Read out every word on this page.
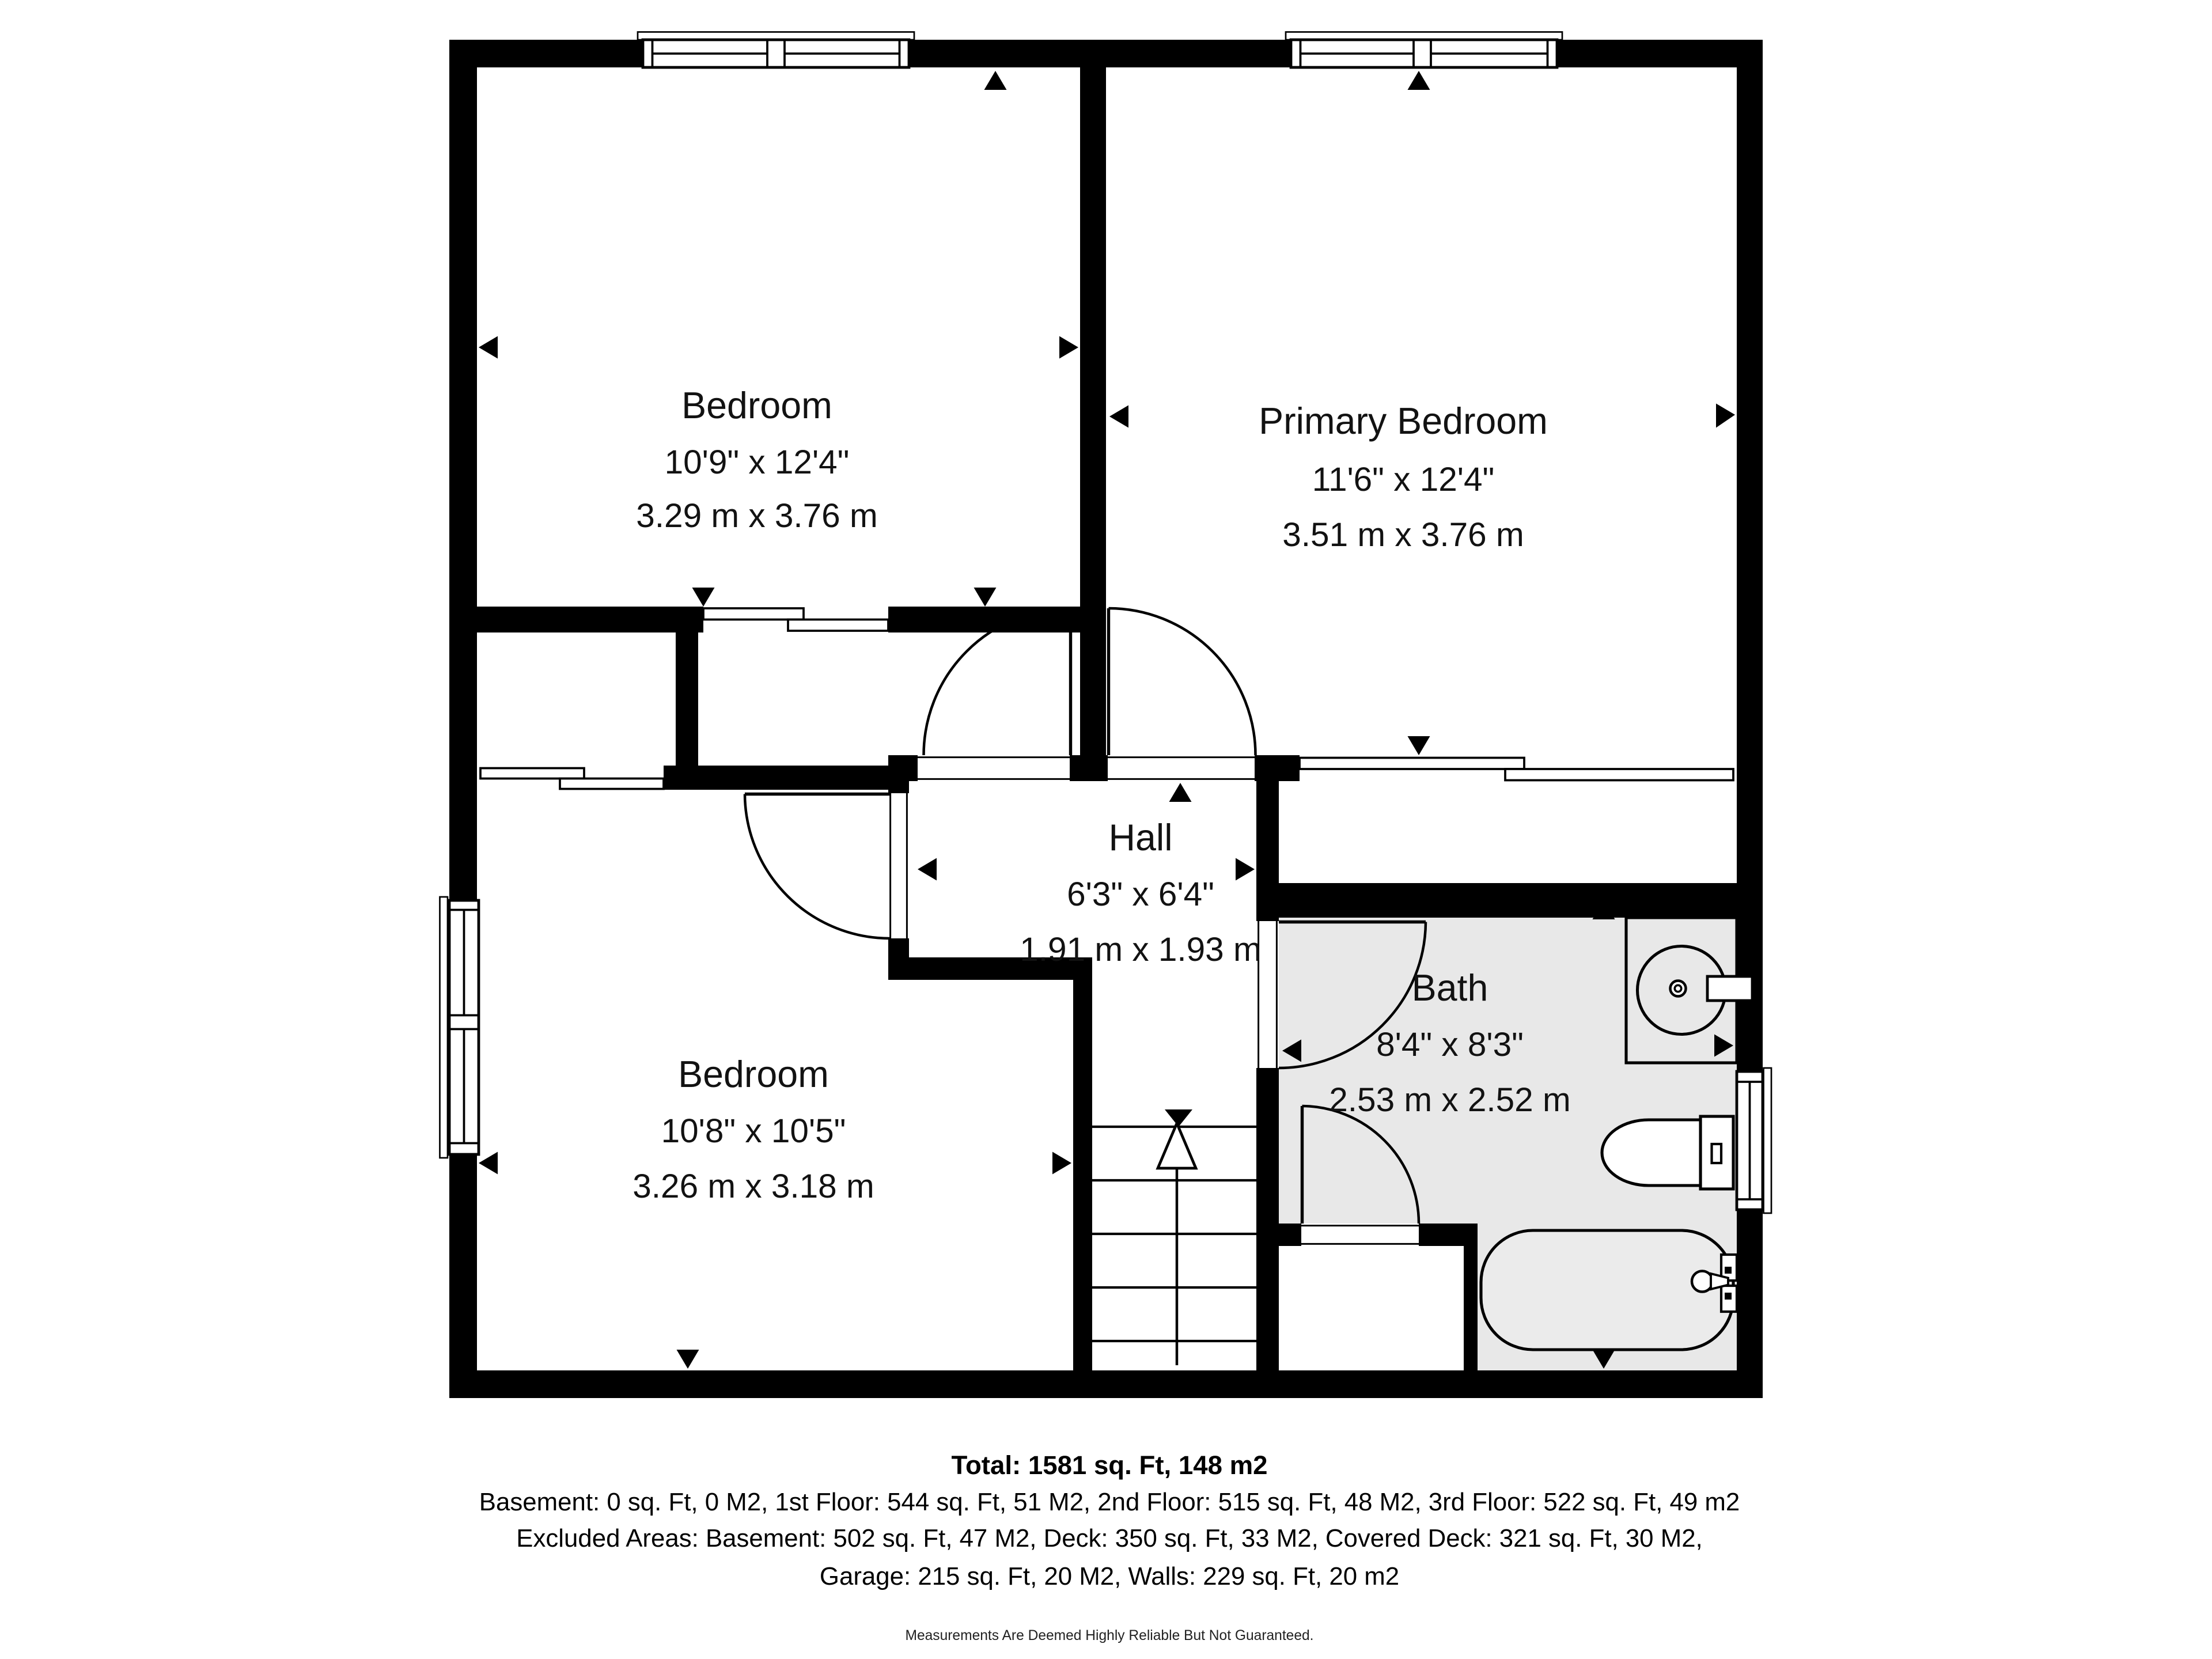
Bedroom
10'9" x 12'4"
3.29 m x 3.76 m
Primary Bedroom
11'6" x 12'4"
3.51 m x 3.76 m
Hall
6'3" x 6'4"
1.91 m x 1.93 m
Bedroom
10'8" x 10'5"
3.26 m x 3.18 m
Bath
8'4" x 8'3"
2.53 m x 2.52 m
Total: 1581 sq. Ft, 148 m2
Basement: 0 sq. Ft, 0 M2, 1st Floor: 544 sq. Ft, 51 M2, 2nd Floor: 515 sq. Ft, 48 M2, 3rd Floor: 522 sq. Ft, 49 m2
Excluded Areas: Basement: 502 sq. Ft, 47 M2, Deck: 350 sq. Ft, 33 M2, Covered Deck: 321 sq. Ft, 30 M2,
Garage: 215 sq. Ft, 20 M2, Walls: 229 sq. Ft, 20 m2
Measurements Are Deemed Highly Reliable But Not Guaranteed.
